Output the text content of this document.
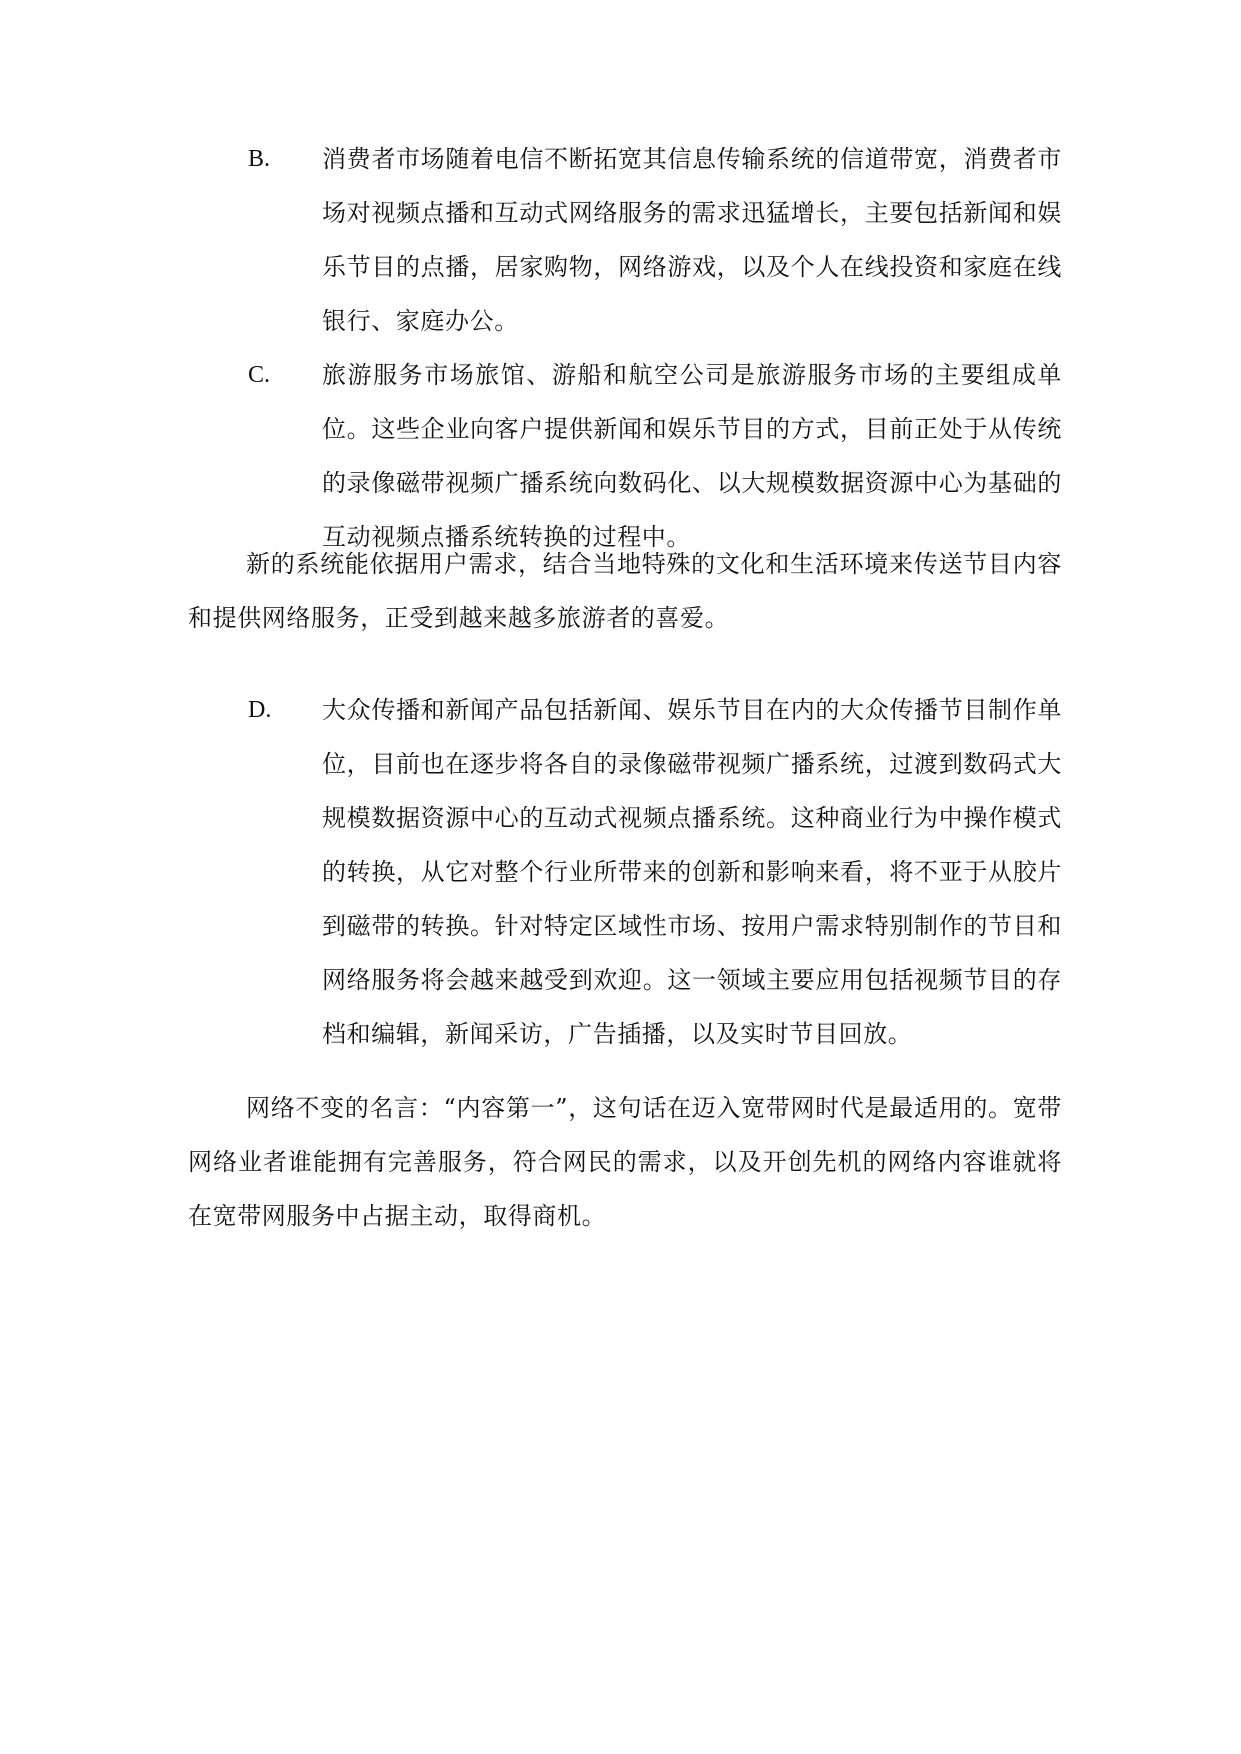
B. 消费者市场随着电信不断拓宽其信息传输系统的信道带宽，消费者市场对视频点播和互动式网络服务的需求迅猛增长，主要包括新闻和娱乐节目的点播，居家购物，网络游戏，以及个人在线投资和家庭在线银行、家庭办公。

C. 旅游服务市场旅馆、游船和航空公司是旅游服务市场的主要组成单位。这些企业向客户提供新闻和娱乐节目的方式，目前正处于从传统的录像磁带视频广播系统向数码化、以大规模数据资源中心为基础的互动视频点播系统转换的过程中。

新的系统能依据用户需求，结合当地特殊的文化和生活环境来传送节目内容和提供网络服务，正受到越来越多旅游者的喜爱。

D. 大众传播和新闻产品包括新闻、娱乐节目在内的大众传播节目制作单位，目前也在逐步将各自的录像磁带视频广播系统，过渡到数码式大规模数据资源中心的互动式视频点播系统。这种商业行为中操作模式的转换，从它对整个行业所带来的创新和影响来看，将不亚于从胶片到磁带的转换。针对特定区域性市场、按用户需求特别制作的节目和网络服务将会越来越受到欢迎。这一领域主要应用包括视频节目的存档和编辑，新闻采访，广告插播，以及实时节目回放。

网络不变的名言：“内容第一”，这句话在迈入宽带网时代是最适用的。宽带网络业者谁能拥有完善服务，符合网民的需求，以及开创先机的网络内容谁就将在宽带网服务中占据主动，取得商机。
